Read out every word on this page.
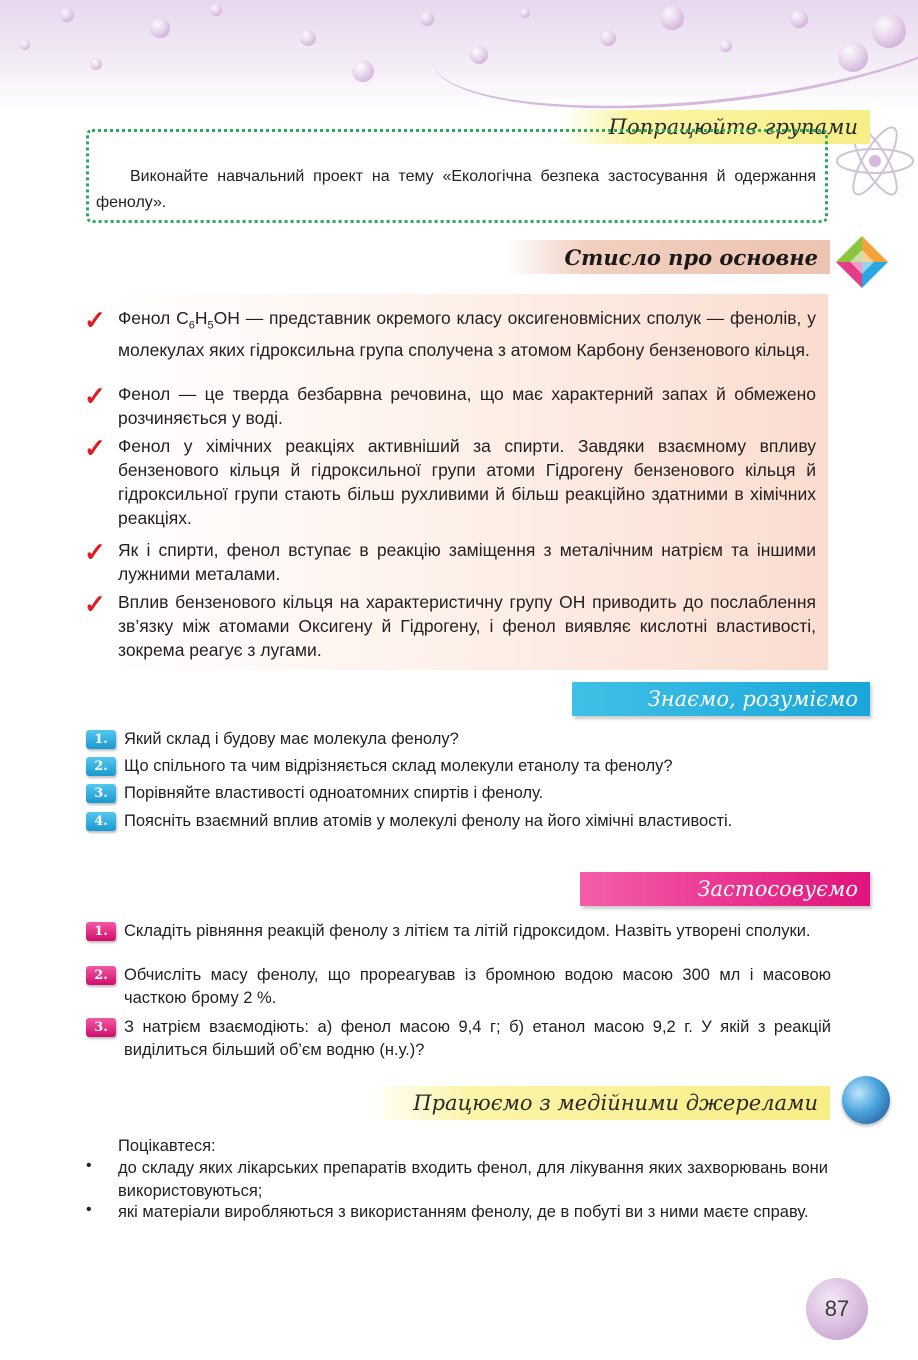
Попрацюйте групами
Виконайте навчальний проект на тему «Екологічна безпека застосування й одержання фенолу».
Стисло про основне
✓ Фенол $C_6H_5OH$ — представник окремого класу оксигеновмісних сполук — фенолів, у молекулах яких гідроксильна група сполучена з атомом Карбону бензенового кільця.
✓ Фенол — це тверда безбарвна речовина, що має характерний запах й обмежено розчиняється у воді.
✓ Фенол у хімічних реакціях активніший за спирти. Завдяки взаємному впливу бензенового кільця й гідроксильної групи атоми Гідрогену бензенового кільця й гідроксильної групи стають більш рухливими й більш реакційно здатними в хімічних реакціях.
✓ Як і спирти, фенол вступає в реакцію заміщення з металічним натрієм та іншими лужними металами.
✓ Вплив бензенового кільця на характеристичну групу OH приводить до послаблення зв’язку між атомами Оксигену й Гідрогену, і фенол виявляє кислотні властивості, зокрема реагує з лугами.
Знаємо, розуміємо
1. Який склад і будову має молекула фенолу?
2. Що спільного та чим відрізняється склад молекули етанолу та фенолу?
3. Порівняйте властивості одноатомних спиртів і фенолу.
4. Поясніть взаємний вплив атомів у молекулі фенолу на його хімічні властивості.
Застосовуємо
1. Складіть рівняння реакцій фенолу з літієм та літій гідроксидом. Назвіть утворені сполуки.
2. Обчисліть масу фенолу, що прореагував із бромною водою масою 300 мл і масовою часткою брому 2 %.
3. З натрієм взаємодіють: а) фенол масою 9,4 г; б) етанол масою 9,2 г. У якій з реакцій виділиться більший об’єм водню (н.у.)?
Працюємо з медійними джерелами
Поцікавтеся:
• до складу яких лікарських препаратів входить фенол, для лікування яких захворювань вони використовуються;
• які матеріали виробляються з використанням фенолу, де в побуті ви з ними маєте справу.
87
